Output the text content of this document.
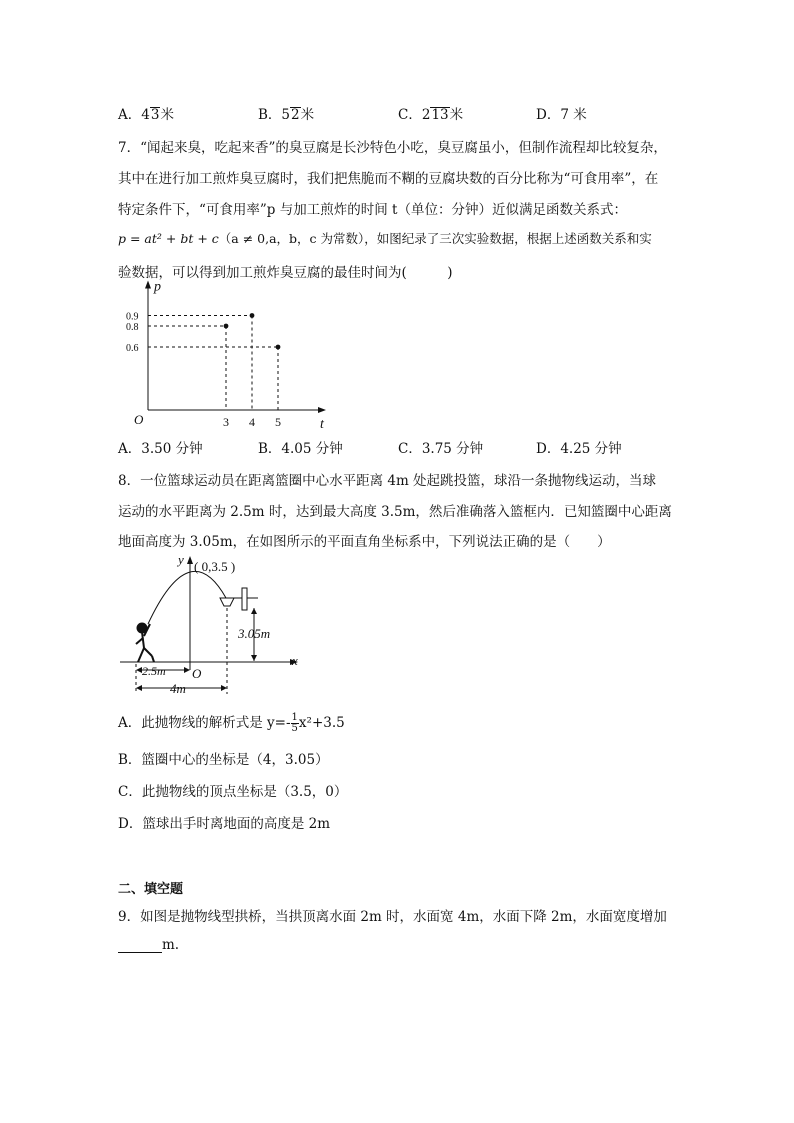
A．43米	B．52米	C．213米	D．7 米
7．“闻起来臭，吃起来香”的臭豆腐是长沙特色小吃，臭豆腐虽小，但制作流程却比较复杂，
其中在进行加工煎炸臭豆腐时，我们把焦脆而不糊的豆腐块数的百分比称为“可食用率”，在
特定条件下，“可食用率”p 与加工煎炸的时间 t（单位：分钟）近似满足函数关系式：
p = at² + bt + c（a ≠ 0,a，b，c 为常数），如图纪录了三次实验数据，根据上述函数关系和实
验数据，可以得到加工煎炸臭豆腐的最佳时间为(　　　)
p
t
O	3 4 5
0.6
0.8
0.9
A．3.50 分钟	B．4.05 分钟	C．3.75 分钟	D．4.25 分钟
8．一位篮球运动员在距离篮圈中心水平距离 4m 处起跳投篮，球沿一条抛物线运动，当球
运动的水平距离为 2.5m 时，达到最大高度 3.5m，然后准确落入篮框内．已知篮圈中心距离
地面高度为 3.05m，在如图所示的平面直角坐标系中，下列说法正确的是（　　）
x
y ( 0,3.5 )
O
3.05m
2.5m
4m
A．此抛物线的解析式是 $y=- \frac{1}{5} x^2+3.5$
B．篮圈中心的坐标是（4，3.05）
C．此抛物线的顶点坐标是（3.5，0）
D．篮球出手时离地面的高度是 2m
二、填空题
9．如图是抛物线型拱桥，当拱顶离水面 2m 时，水面宽 4m，水面下降 2m，水面宽度增加
m.
